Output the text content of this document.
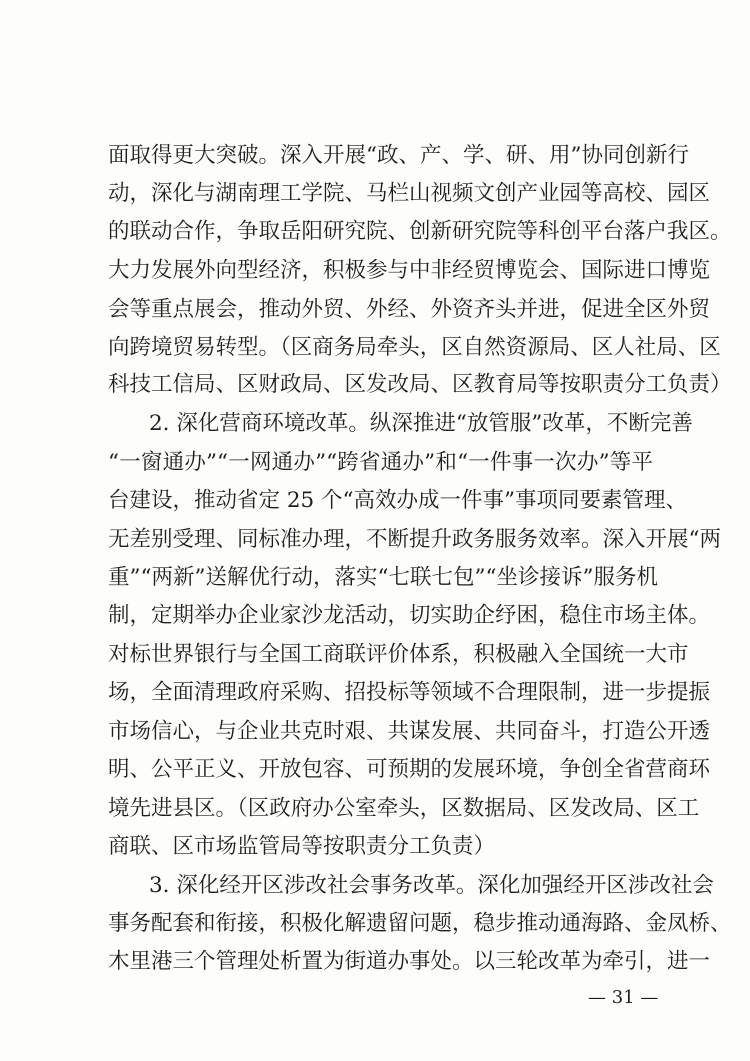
面取得更大突破。深入开展“政、产、学、研、用”协同创新行
动，深化与湖南理工学院、马栏山视频文创产业园等高校、园区
的联动合作，争取岳阳研究院、创新研究院等科创平台落户我区。
大力发展外向型经济，积极参与中非经贸博览会、国际进口博览
会等重点展会，推动外贸、外经、外资齐头并进，促进全区外贸
向跨境贸易转型。（区商务局牵头，区自然资源局、区人社局、区
科技工信局、区财政局、区发改局、区教育局等按职责分工负责）
2. 深化营商环境改革。纵深推进“放管服”改革，不断完善
“一窗通办”“一网通办”“跨省通办”和“一件事一次办”等平
台建设，推动省定 25 个“高效办成一件事”事项同要素管理、
无差别受理、同标准办理，不断提升政务服务效率。深入开展“两
重”“两新”送解优行动，落实“七联七包”“坐诊接诉”服务机
制，定期举办企业家沙龙活动，切实助企纾困，稳住市场主体。
对标世界银行与全国工商联评价体系，积极融入全国统一大市
场，全面清理政府采购、招投标等领域不合理限制，进一步提振
市场信心，与企业共克时艰、共谋发展、共同奋斗，打造公开透
明、公平正义、开放包容、可预期的发展环境，争创全省营商环
境先进县区。（区政府办公室牵头，区数据局、区发改局、区工
商联、区市场监管局等按职责分工负责）
3. 深化经开区涉改社会事务改革。深化加强经开区涉改社会
事务配套和衔接，积极化解遗留问题，稳步推动通海路、金凤桥、
木里港三个管理处析置为街道办事处。以三轮改革为牵引，进一
— 31 —
